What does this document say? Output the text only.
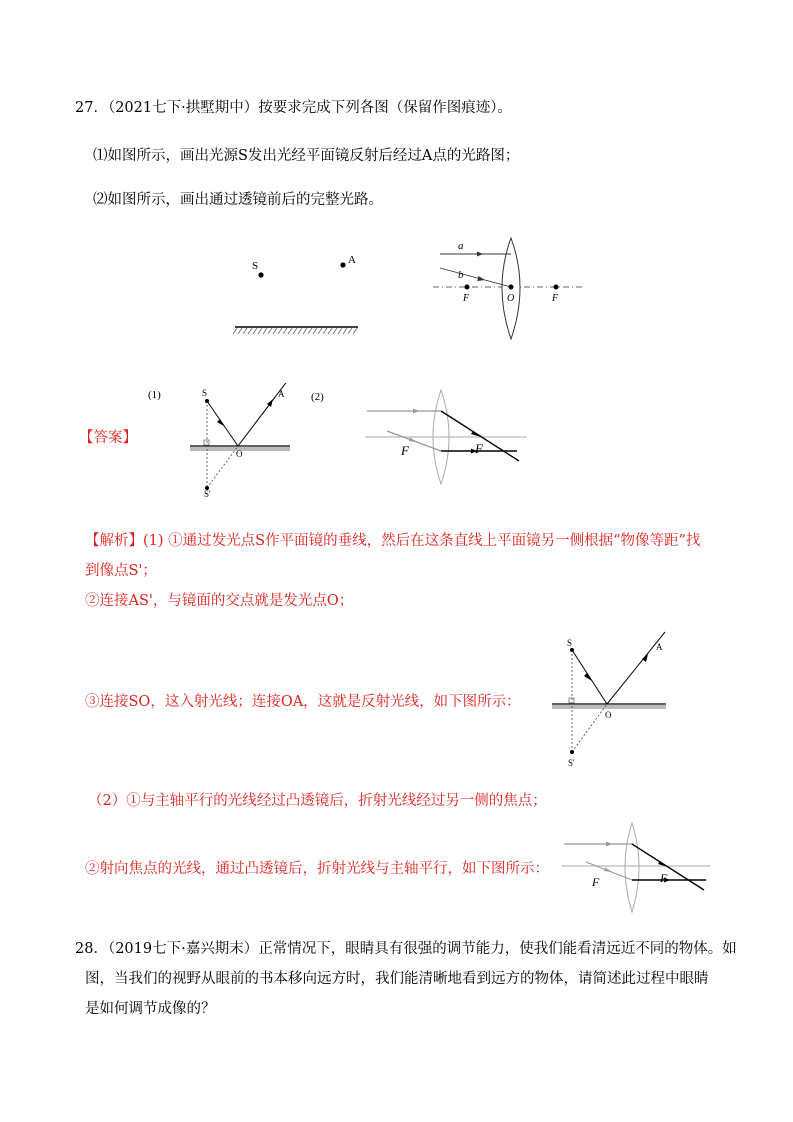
27．（2021七下·拱墅期中）按要求完成下列各图（保留作图痕迹）。
⑴如图所示，画出光源S发出光经平面镜反射后经过A点的光路图；
⑵如图所示，画出通过透镜前后的完整光路。
S	A
a
b
F	O	F
【答案】
(1)	S	A
O
S'
(2)
F	F
【解析】(1) ①通过发光点S作平面镜的垂线，然后在这条直线上平面镜另一侧根据“物像等距”找
到像点S'；
②连接AS'，与镜面的交点就是发光点O；
③连接SO，这入射光线；连接OA，这就是反射光线，如下图所示：
S	A
O
S'
（2）①与主轴平行的光线经过凸透镜后，折射光线经过另一侧的焦点；
②射向焦点的光线，通过凸透镜后，折射光线与主轴平行，如下图所示：
F	F
28．（2019七下·嘉兴期末）正常情况下，眼睛具有很强的调节能力，使我们能看清远近不同的物体。如
图，当我们的视野从眼前的书本移向远方时，我们能清晰地看到远方的物体，请简述此过程中眼睛
是如何调节成像的？
